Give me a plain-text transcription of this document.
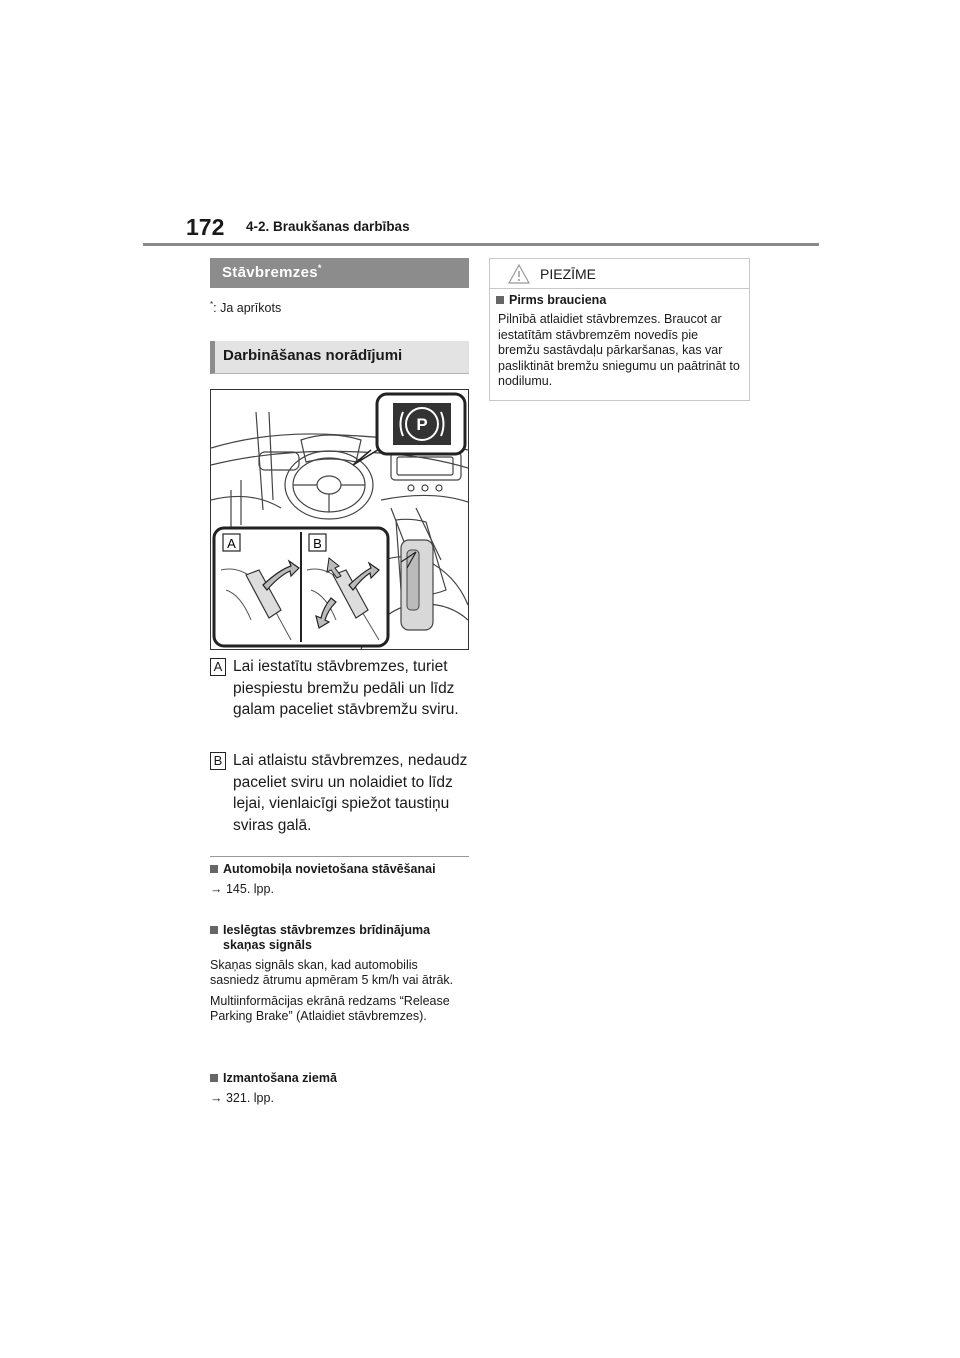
172 4-2. Braukšanas darbības
Stāvbremzes*
*: Ja aprīkots
Darbināšanas norādījumi
P
A	B
A Lai iestatītu stāvbremzes, turiet piespiestu bremžu pedāli un līdz galam paceliet stāvbremžu sviru.
B Lai atlaistu stāvbremzes, nedaudz paceliet sviru un nolaidiet to līdz lejai, vienlaicīgi spiežot taustiņu sviras galā.
Automobiļa novietošana stāvēšanai

→ 145. lpp.

Ieslēgtas stāvbremzes brīdinājuma skaņas signāls

Skaņas signāls skan, kad automobilis sasniedz ātrumu apmēram 5 km/h vai ātrāk.

Multiinformācijas ekrānā redzams “Release Parking Brake” (Atlaidiet stāvbremzes).

Izmantošana ziemā

→ 321. lpp.

PIEZĪME
Pirms brauciena
Pilnībā atlaidiet stāvbremzes. Braucot ar iestatītām stāvbremzēm novedīs pie bremžu sastāvdaļu pārkaršanas, kas var pasliktināt bremžu sniegumu un paātrināt to nodilumu.
